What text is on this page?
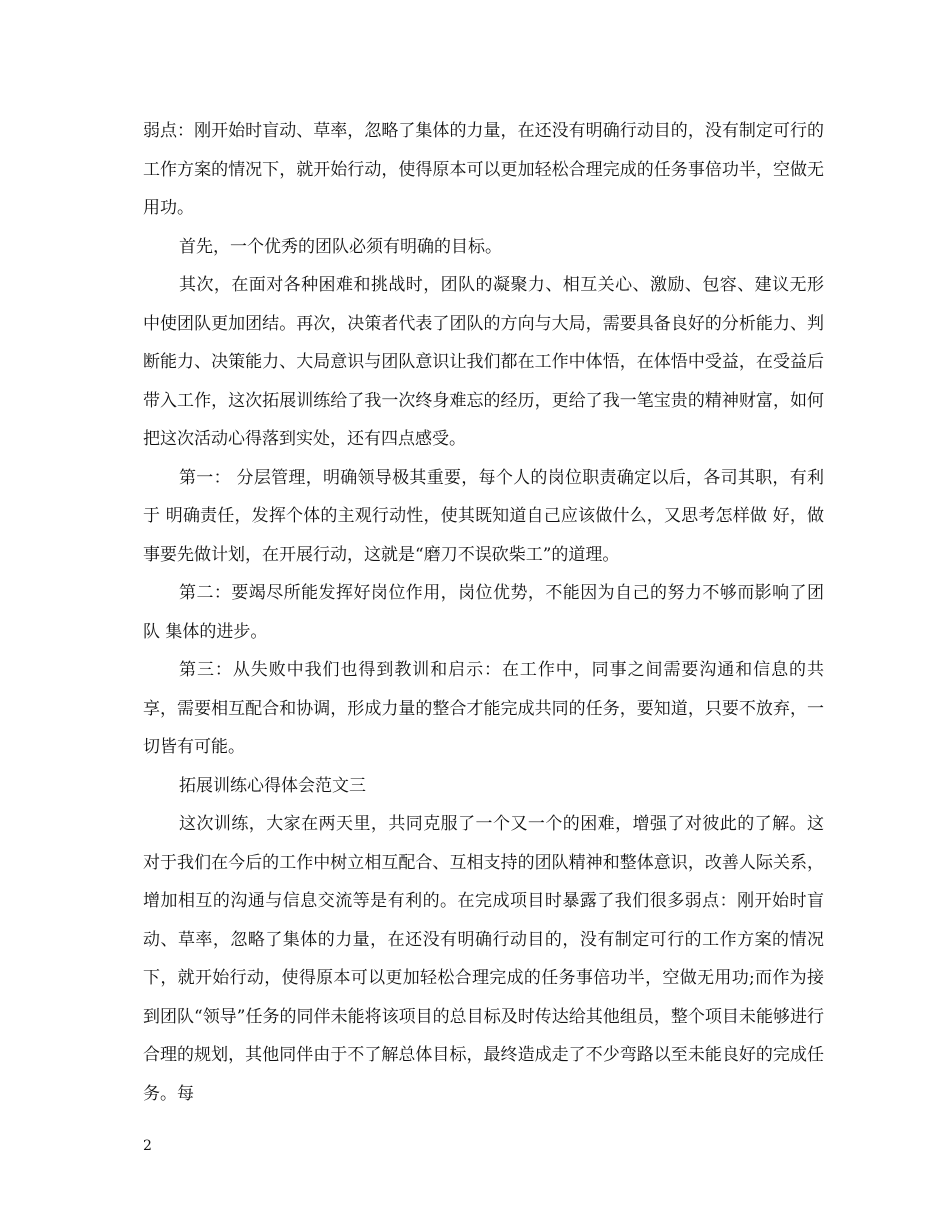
弱点：刚开始时盲动、草率，忽略了集体的力量，在还没有明确行动目的，没有制定可行的工作方案的情况下，就开始行动，使得原本可以更加轻松合理完成的任务事倍功半，空做无用功。

首先，一个优秀的团队必须有明确的目标。

其次，在面对各种困难和挑战时，团队的凝聚力、相互关心、激励、包容、建议无形中使团队更加团结。再次，决策者代表了团队的方向与大局，需要具备良好的分析能力、判断能力、决策能力、大局意识与团队意识让我们都在工作中体悟，在体悟中受益，在受益后带入工作，这次拓展训练给了我一次终身难忘的经历，更给了我一笔宝贵的精神财富，如何把这次活动心得落到实处，还有四点感受。

第一： 分层管理，明确领导极其重要，每个人的岗位职责确定以后，各司其职，有利于 明确责任，发挥个体的主观行动性，使其既知道自己应该做什么，又思考怎样做 好，做事要先做计划，在开展行动，这就是“磨刀不误砍柴工”的道理。

第二：要竭尽所能发挥好岗位作用，岗位优势，不能因为自己的努力不够而影响了团队 集体的进步。

第三：从失败中我们也得到教训和启示：在工作中，同事之间需要沟通和信息的共享，需要相互配合和协调，形成力量的整合才能完成共同的任务，要知道，只要不放弃，一切皆有可能。

拓展训练心得体会范文三

这次训练，大家在两天里，共同克服了一个又一个的困难，增强了对彼此的了解。这对于我们在今后的工作中树立相互配合、互相支持的团队精神和整体意识，改善人际关系，增加相互的沟通与信息交流等是有利的。在完成项目时暴露了我们很多弱点：刚开始时盲动、草率，忽略了集体的力量，在还没有明确行动目的，没有制定可行的工作方案的情况下，就开始行动，使得原本可以更加轻松合理完成的任务事倍功半，空做无用功;而作为接到团队“领导”任务的同伴未能将该项目的总目标及时传达给其他组员，整个项目未能够进行合理的规划，其他同伴由于不了解总体目标，最终造成走了不少弯路以至未能良好的完成任务。每

2
